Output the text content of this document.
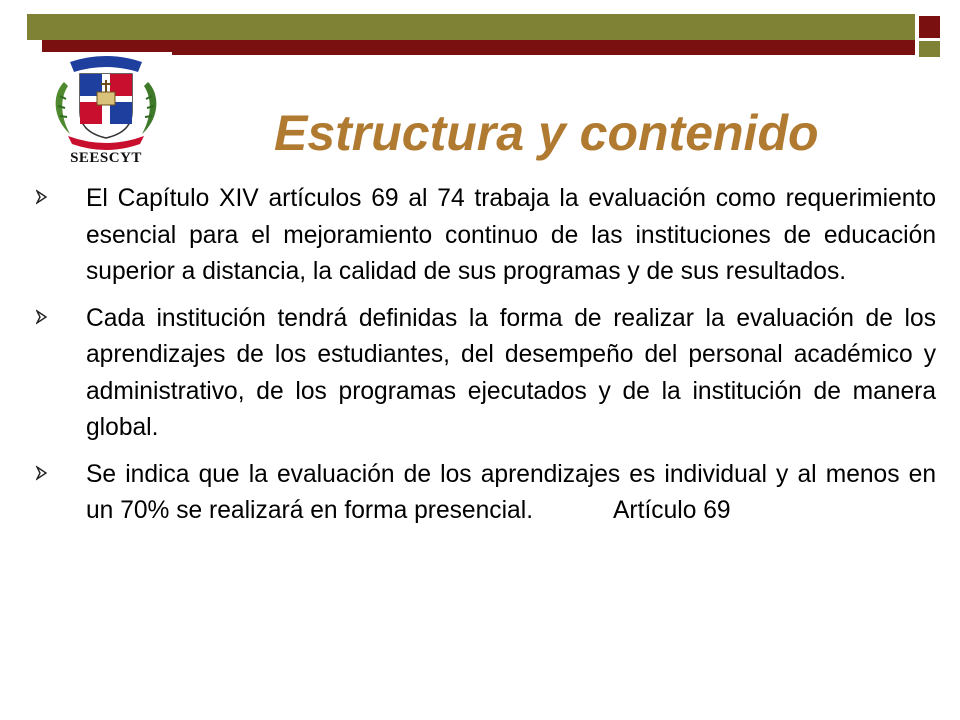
SEESCYT	Estructura y contenido
El Capítulo XIV artículos 69 al 74 trabaja la evaluación como requerimiento esencial para el mejoramiento continuo de las instituciones de educación superior a distancia, la calidad de sus programas y de sus resultados.
Cada institución tendrá definidas la forma de realizar la evaluación de los aprendizajes de los estudiantes, del desempeño del personal académico y administrativo, de los programas ejecutados y de la institución de manera global.
Se indica que la evaluación de los aprendizajes es individual y al menos en un 70% se realizará en forma presencial.	Artículo 69
